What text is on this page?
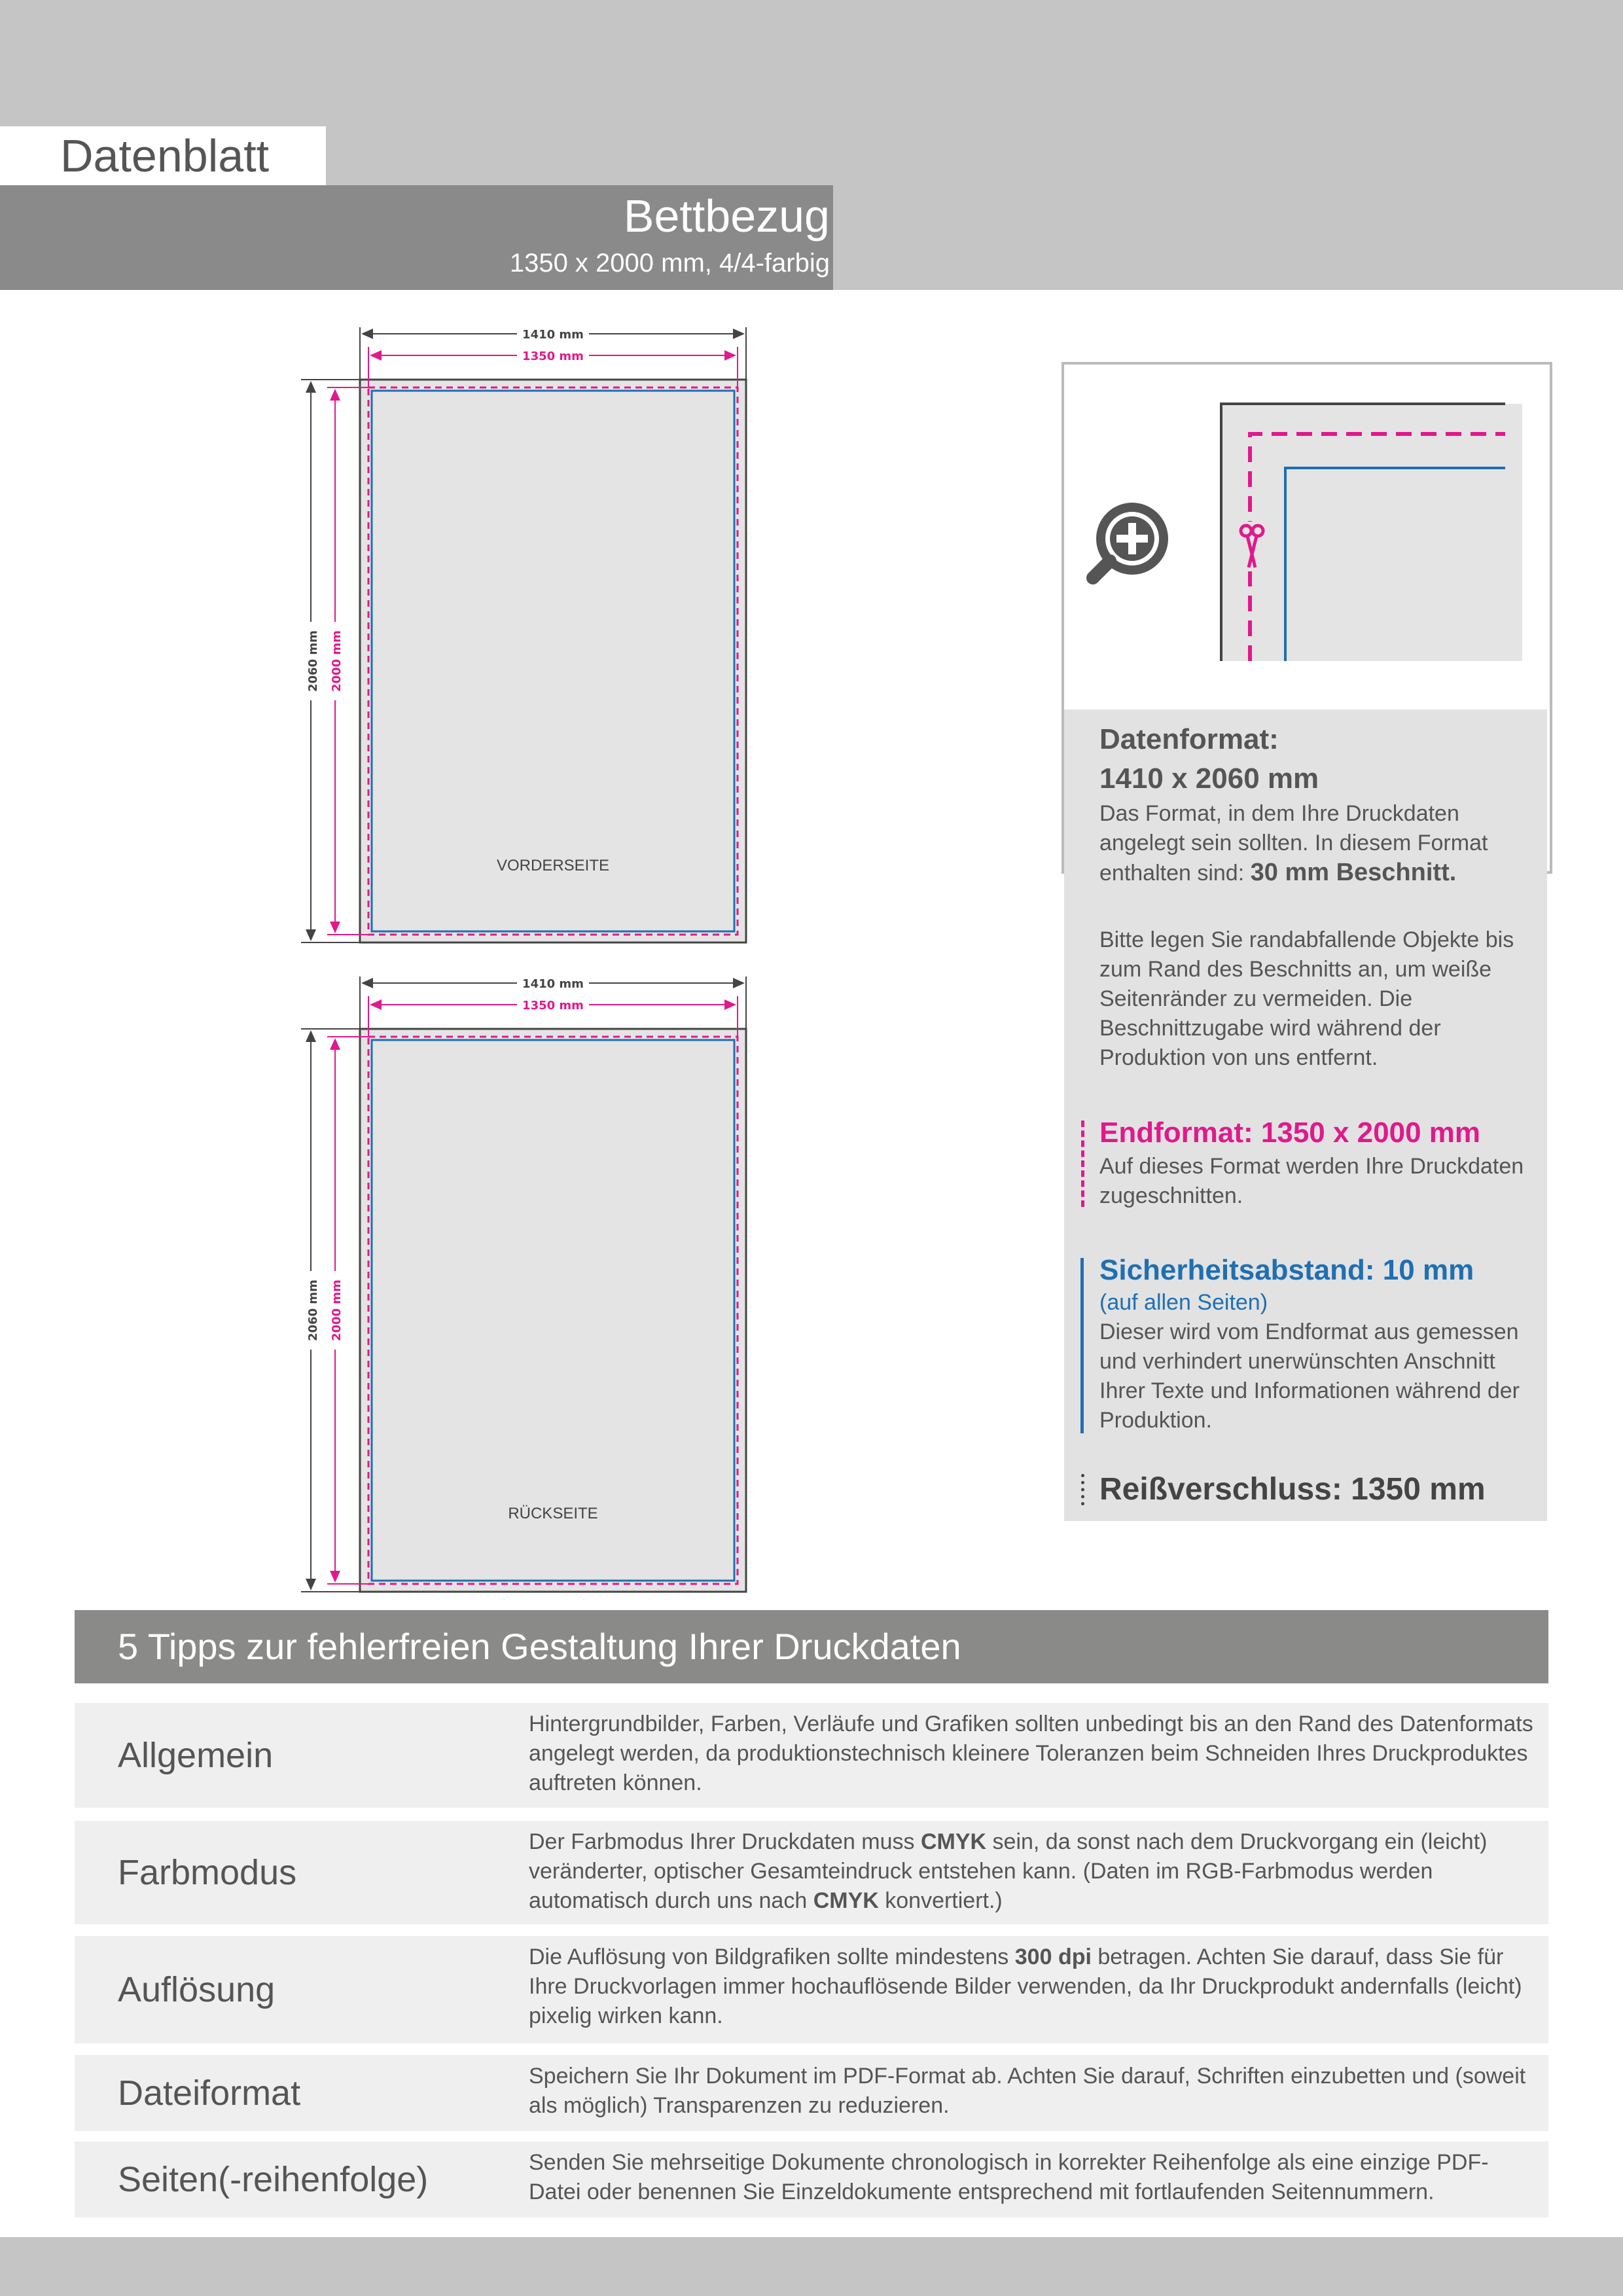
Datenblatt
Bettbezug
1350 x 2000 mm, 4/4-farbig
1410 mm
1350 mm
2060 mm 2000 mm
VORDERSEITE
1410 mm
1350 mm
2060 mm 2000 mm
RÜCKSEITE
Datenformat:
1410 x 2060 mm
Das Format, in dem Ihre Druckdaten angelegt sein sollten. In diesem Format enthalten sind: 30 mm Beschnitt.
Bitte legen Sie randabfallende Objekte bis zum Rand des Beschnitts an, um weiße Seitenränder zu vermeiden. Die Beschnittzugabe wird während der Produktion von uns entfernt.
Endformat: 1350 x 2000 mm
Auf dieses Format werden Ihre Druckdaten zugeschnitten.
Sicherheitsabstand: 10 mm
(auf allen Seiten)
Dieser wird vom Endformat aus gemessen und verhindert unerwünschten Anschnitt Ihrer Texte und Informationen während der Produktion.
Reißverschluss: 1350 mm
5 Tipps zur fehlerfreien Gestaltung Ihrer Druckdaten
Allgemein
Hintergrundbilder, Farben, Verläufe und Grafiken sollten unbedingt bis an den Rand des Datenformats angelegt werden, da produktionstechnisch kleinere Toleranzen beim Schneiden Ihres Druckproduktes auftreten können.
Farbmodus
Der Farbmodus Ihrer Druckdaten muss CMYK sein, da sonst nach dem Druckvorgang ein (leicht) veränderter, optischer Gesamteindruck entstehen kann. (Daten im RGB-Farbmodus werden automatisch durch uns nach CMYK konvertiert.)
Auflösung
Die Auflösung von Bildgrafiken sollte mindestens 300 dpi betragen. Achten Sie darauf, dass Sie für Ihre Druckvorlagen immer hochauflösende Bilder verwenden, da Ihr Druckprodukt andernfalls (leicht) pixelig wirken kann.
Dateiformat	Speichern Sie Ihr Dokument im PDF-Format ab. Achten Sie darauf, Schriften einzubetten und (soweit als möglich) Transparenzen zu reduzieren.
Seiten(-reihenfolge)	Senden Sie mehrseitige Dokumente chronologisch in korrekter Reihenfolge als eine einzige PDF-Datei oder benennen Sie Einzeldokumente entsprechend mit fortlaufenden Seitennummern.
